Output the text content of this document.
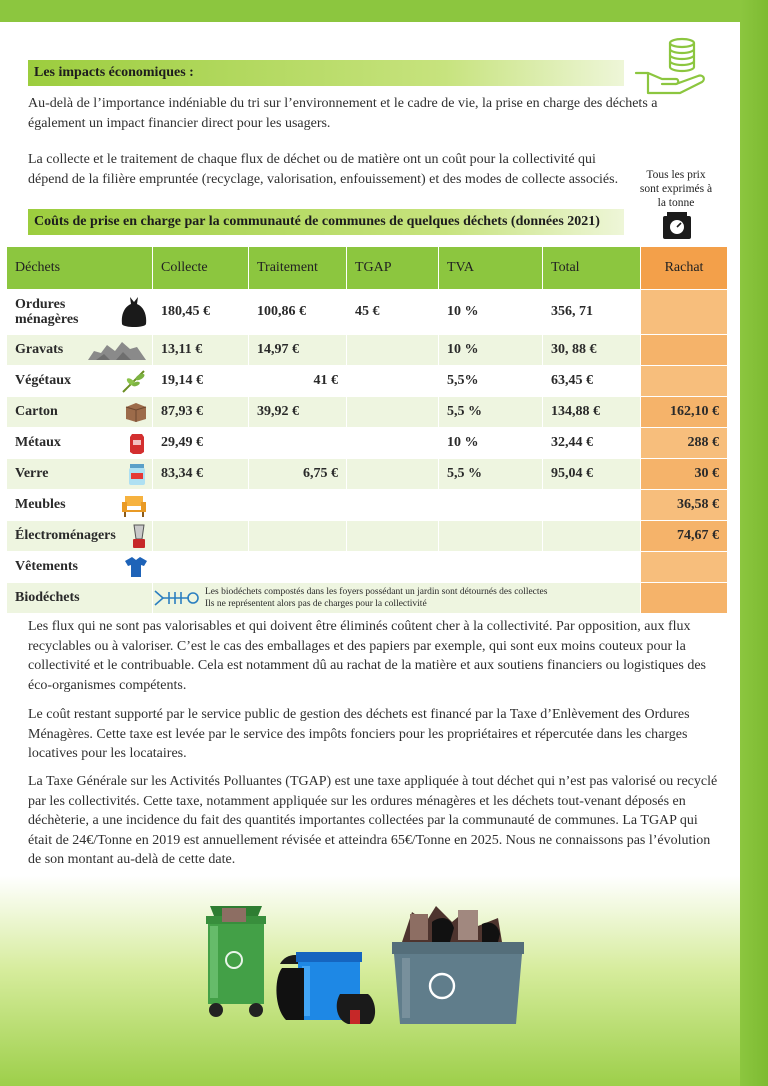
Les impacts économiques :
Au-delà de l’importance indéniable du tri sur l’environnement et le cadre de vie, la prise en charge des déchets a également un impact financier direct pour les usagers.
La collecte et le traitement de chaque flux de déchet ou de matière ont un coût pour la collectivité qui dépend de la filière empruntée (recyclage, valorisation, enfouissement) et des modes de collecte associés.	Tous les prix sont exprimés à la tonne
Coûts de prise en charge par la communauté de communes de quelques déchets (données 2021)
Déchets	Collecte	Traitement	TGAP	TVA	Total	Rachat
Ordures ménagères	180,45 €	100,86 €	45 €	10 %	356, 71	
Gravats	13,11 €	14,97 €		10 %	30, 88 €	
Végétaux	19,14 €	41 €		5,5%	63,45 €	
Carton	87,93 €	39,92 €		5,5 %	134,88 €	162,10 €
Métaux	29,49 €			10 %	32,44 €	288 €
Verre	83,34 €	6,75 €		5,5 %	95,04 €	30 €
Meubles						36,58 €
Électroménagers						74,67 €
Vêtements

Biodéchets	Les biodéchets compostés dans les foyers possédant un jardin sont détournés des collectes
Ils ne représentent alors pas de charges pour la collectivité					

Les flux qui ne sont pas valorisables et qui doivent être éliminés coûtent cher à la collectivité. Par opposition, aux flux recyclables ou à valoriser. C’est le cas des emballages et des papiers par exemple, qui sont eux moins couteux pour la collectivité et le contribuable. Cela est notamment dû au rachat de la matière et aux soutiens financiers ou logistiques des éco-organismes compétents.
Le coût restant supporté par le service public de gestion des déchets est financé par la Taxe d’Enlèvement des Ordures Ménagères. Cette taxe est levée par le service des impôts fonciers pour les propriétaires et répercutée dans les charges locatives pour les locataires.
La Taxe Générale sur les Activités Polluantes (TGAP) est une taxe appliquée à tout déchet qui n’est pas valorisé ou recyclé par les collectivités. Cette taxe, notamment appliquée sur les ordures ménagères et les déchets tout-venant déposés en déchèterie, a une incidence du fait des quantités importantes collectées par la communauté de communes. La TGAP qui était de 24€/Tonne en 2019 est annuellement révisée et atteindra 65€/Tonne en 2025. Nous ne connaissons pas l’évolution de son montant au-delà de cette date.
